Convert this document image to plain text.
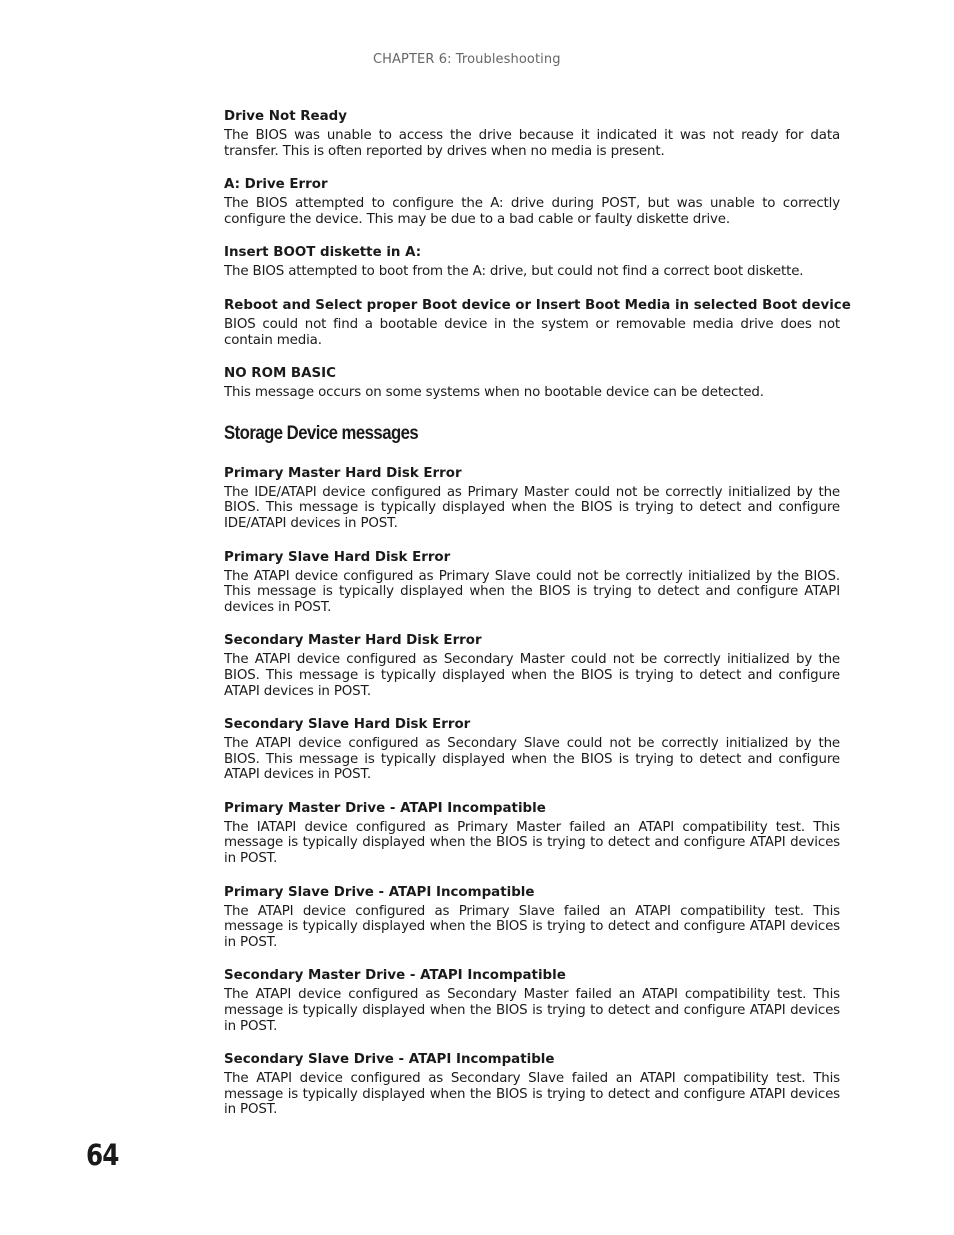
CHAPTER 6: Troubleshooting
Drive Not Ready

The BIOS was unable to access the drive because it indicated it was not ready for data transfer. This is often reported by drives when no media is present.

A: Drive Error

The BIOS attempted to configure the A: drive during POST, but was unable to correctly configure the device. This may be due to a bad cable or faulty diskette drive.

Insert BOOT diskette in A:

The BIOS attempted to boot from the A: drive, but could not find a correct boot diskette.

Reboot and Select proper Boot device or Insert Boot Media in selected Boot device

BIOS could not find a bootable device in the system or removable media drive does not contain media.

NO ROM BASIC

This message occurs on some systems when no bootable device can be detected.

Storage Device messages
Primary Master Hard Disk Error

The IDE/ATAPI device configured as Primary Master could not be correctly initialized by the BIOS. This message is typically displayed when the BIOS is trying to detect and configure IDE/ATAPI devices in POST.

Primary Slave Hard Disk Error

The ATAPI device configured as Primary Slave could not be correctly initialized by the BIOS. This message is typically displayed when the BIOS is trying to detect and configure ATAPI devices in POST.

Secondary Master Hard Disk Error

The ATAPI device configured as Secondary Master could not be correctly initialized by the BIOS. This message is typically displayed when the BIOS is trying to detect and configure ATAPI devices in POST.

Secondary Slave Hard Disk Error

The ATAPI device configured as Secondary Slave could not be correctly initialized by the BIOS. This message is typically displayed when the BIOS is trying to detect and configure ATAPI devices in POST.

Primary Master Drive - ATAPI Incompatible

The IATAPI device configured as Primary Master failed an ATAPI compatibility test. This message is typically displayed when the BIOS is trying to detect and configure ATAPI devices in POST.

Primary Slave Drive - ATAPI Incompatible

The ATAPI device configured as Primary Slave failed an ATAPI compatibility test. This message is typically displayed when the BIOS is trying to detect and configure ATAPI devices in POST.

Secondary Master Drive - ATAPI Incompatible

The ATAPI device configured as Secondary Master failed an ATAPI compatibility test. This message is typically displayed when the BIOS is trying to detect and configure ATAPI devices in POST.

Secondary Slave Drive - ATAPI Incompatible

The ATAPI device configured as Secondary Slave failed an ATAPI compatibility test. This message is typically displayed when the BIOS is trying to detect and configure ATAPI devices in POST.

64
